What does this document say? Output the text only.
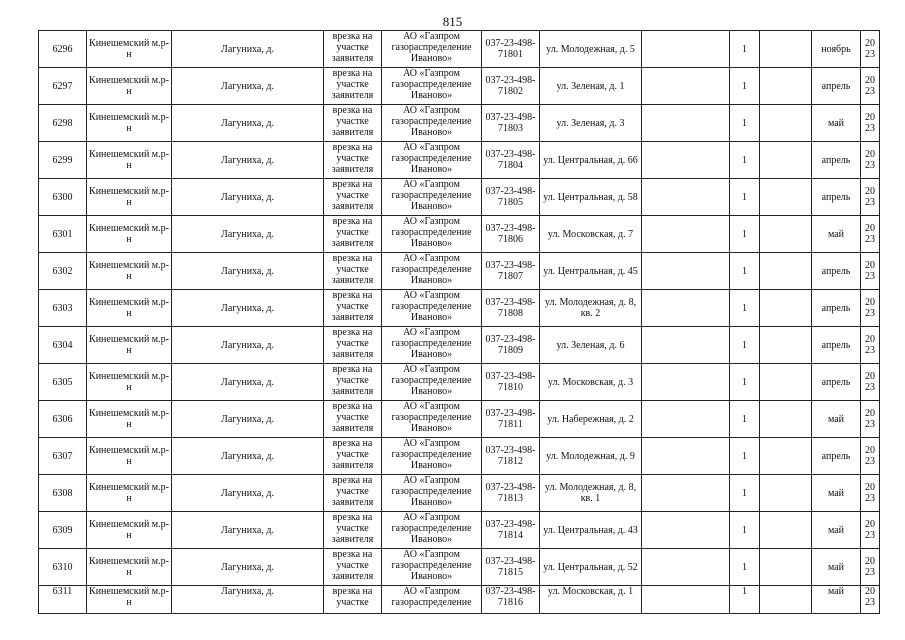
815
6296	Кинешемский м.р-н	Лагуниха, д.	врезка на участке заявителя	АО «Газпром газораспределение Иваново»	037-23-498-71801	ул. Молодежная, д. 5		1		ноябрь	2023
6297	Кинешемский м.р-н	Лагуниха, д.	врезка на участке заявителя	АО «Газпром газораспределение Иваново»	037-23-498-71802	ул. Зеленая, д. 1		1		апрель	2023
6298	Кинешемский м.р-н	Лагуниха, д.	врезка на участке заявителя	АО «Газпром газораспределение Иваново»	037-23-498-71803	ул. Зеленая, д. 3		1		май	2023
6299	Кинешемский м.р-н	Лагуниха, д.	врезка на участке заявителя	АО «Газпром газораспределение Иваново»	037-23-498-71804	ул. Центральная, д. 66		1		апрель	2023
6300	Кинешемский м.р-н	Лагуниха, д.	врезка на участке заявителя	АО «Газпром газораспределение Иваново»	037-23-498-71805	ул. Центральная, д. 58		1		апрель	2023
6301	Кинешемский м.р-н	Лагуниха, д.	врезка на участке заявителя	АО «Газпром газораспределение Иваново»	037-23-498-71806	ул. Московская, д. 7		1		май	2023
6302	Кинешемский м.р-н	Лагуниха, д.	врезка на участке заявителя	АО «Газпром газораспределение Иваново»	037-23-498-71807	ул. Центральная, д. 45		1		апрель	2023
6303	Кинешемский м.р-н	Лагуниха, д.	врезка на участке заявителя	АО «Газпром газораспределение Иваново»	037-23-498-71808	ул. Молодежная, д. 8, кв. 2		1		апрель	2023
6304	Кинешемский м.р-н	Лагуниха, д.	врезка на участке заявителя	АО «Газпром газораспределение Иваново»	037-23-498-71809	ул. Зеленая, д. 6		1		апрель	2023
6305	Кинешемский м.р-н	Лагуниха, д.	врезка на участке заявителя	АО «Газпром газораспределение Иваново»	037-23-498-71810	ул. Московская, д. 3		1		апрель	2023
6306	Кинешемский м.р-н	Лагуниха, д.	врезка на участке заявителя	АО «Газпром газораспределение Иваново»	037-23-498-71811	ул. Набережная, д. 2		1		май	2023
6307	Кинешемский м.р-н	Лагуниха, д.	врезка на участке заявителя	АО «Газпром газораспределение Иваново»	037-23-498-71812	ул. Молодежная, д. 9		1		апрель	2023
6308	Кинешемский м.р-н	Лагуниха, д.	врезка на участке заявителя	АО «Газпром газораспределение Иваново»	037-23-498-71813	ул. Молодежная, д. 8, кв. 1		1		май	2023
6309	Кинешемский м.р-н	Лагуниха, д.	врезка на участке заявителя	АО «Газпром газораспределение Иваново»	037-23-498-71814	ул. Центральная, д. 43		1		май	2023
6310	Кинешемский м.р-н	Лагуниха, д.	врезка на участке заявителя	АО «Газпром газораспределение Иваново»	037-23-498-71815	ул. Центральная, д. 52		1		май	2023
6311	Кинешемский м.р-н	Лагуниха, д.	врезка на участке	АО «Газпром газораспределение	037-23-498-71816	ул. Московская, д. 1		1		май	2023
